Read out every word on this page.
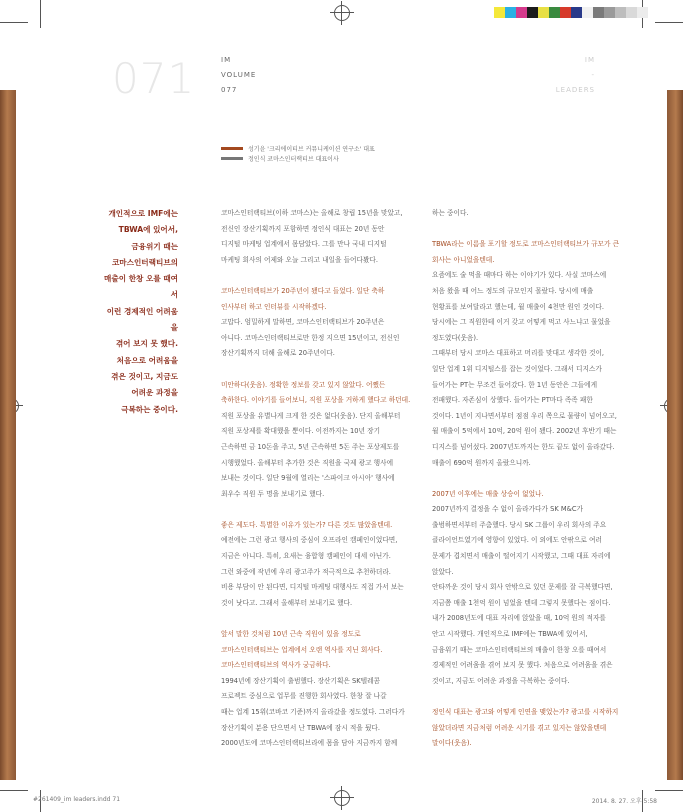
071	IM
VOLUME
077
IM
-
LEADERS
성기윤 '크리에이티브 커뮤니케이션 연구소' 대표
정인식 코마스인터랙티브 대표이사
개인적으로 IMF에는
TBWA에 있어서,
금융위기 때는
코마스인터랙티브의
매출이 한창 오를 때여서
이런 경제적인 어려움을
겪어 보지 못 했다.
처음으로 어려움을
겪은 것이고, 지금도
어려운 과정을
극복하는 중이다.

코마스인터랙티브(이하 코마스)는 올해로 창립 15년을 맞았고,

전신인 장산기획까지 포함하면 정인식 대표는 20년 동안

디지털 마케팅 업계에서 몸담았다. 그를 만나 국내 디지털

마케팅 회사의 어제와 오늘 그리고 내일을 들어다봤다.

코마스인터랙티브가 20주년이 됐다고 들었다. 일단 축하

인사부터 하고 인터뷰를 시작하겠다.

고맙다. 엄밀하게 말하면, 코마스인터랙티브가 20주년은

아니다. 코마스인터랙티브로만 한정 지으면 15년이고, 전신인

장산기획까지 더해 올해로 20주년이다.

미안하다(웃음). 정확한 정보를 갖고 있지 않았다. 어쨌든

축하한다. 이야기를 들어보니, 직원 포상을 거하게 했다고 하던데.

직원 포상을 유별나게 크게 한 것은 없다(웃음). 단지 올해부터

직원 포상제를 확대했을 뿐이다. 이전까지는 10년 장기

근속하면 금 10돈을 주고, 5년 근속하면 5돈 주는 포상제도를

시행했었다. 올해부터 추가한 것은 직원을 국제 광고 행사에

보내는 것이다. 일단 9월에 열리는 '스파이크 아시아' 행사에

최우수 직원 두 명을 보내기로 했다.

좋은 제도다. 특별한 이유가 있는가? 다른 것도 많았을텐데.

예전에는 그런 광고 행사의 중심이 오프라인 캠페인이었다면,

지금은 아니다. 특히, 요새는 융합형 캠페인이 대세 아닌가.

그런 와중에 작년에 우리 광고주가 적극적으로 추천하더라.

비용 부담이 안 된다면, 디지털 마케팅 대행사도 직접 가서 보는

것이 낫다고. 그래서 올해부터 보내기로 했다.

앞서 말한 것처럼 10년 근속 직원이 있을 정도로

코마스인터랙티브는 업계에서 오랜 역사를 지닌 회사다.

코마스인터랙티브의 역사가 궁금하다.

1994년에 장산기획이 출범했다. 장산기획은 SK텔레콤

프로젝트 중심으로 업무를 진행한 회사였다. 한창 잘 나갈

때는 업계 15위(코바코 기준)까지 올라갔을 정도였다. 그러다가

장산기획이 분용 단으면서 난 TBWA에 잠시 적을 뒀다.

2000년도에 코마스인터랙티브라에 몸을 담아 지금까지 함께

하는 중이다.

TBWA라는 이름을 포기할 정도로 코마스인터랙티브가 규모가 큰

회사는 아니었을텐데.

요즘에도 술 먹을 때마다 하는 이야기가 있다. 사실 코마스에

처음 왔을 때 어느 정도의 규모인지 몰랐다. 당시에 매출

현황표를 보여달라고 했는데, 월 매출이 4천만 원인 것이다.

당시에는 그 직원한테 이거 갖고 어떻게 먹고 사느냐고 물었을

정도였다(웃음).

그때부터 당시 코마스 대표하고 머리를 맞대고 생각한 것이,

일단 업계 1위 디지털스를 잡는 것이었다. 그래서 디지스가

들어가는 PT는 무조건 들어갔다. 한 1년 동안은 그들에게

전패했다. 자존심이 상했다. 들어가는 PT마다 족족 패한

것이다. 1년이 지나면서부터 점점 우리 쪽으로 물량이 넘어오고,

월 매출이 5억에서 10억, 20억 원이 됐다. 2002년 후반기 때는

디지스를 넘어섰다. 2007년도까지는 한도 끝도 없이 올라갔다.

매출이 690억 원까지 올랐으니까.

2007년 이후에는 매출 상승이 없었나.

2007년까지 결정을 수 없이 올라가다가 SK M&C가

출범하면서부터 주춤했다. 당시 SK 그룹이 우리 회사의 주요

클라이언트였기에 영향이 있었다. 이 외에도 안팎으로 여러

문제가 겹치면서 매출이 떨어지기 시작했고, 그때 대표 자리에

앉았다.

안타까운 것이 당시 회사 안밖으로 있던 문제를 잘 극복했다면,

지금쯤 매출 1천억 원이 넘었을 텐데 그렇지 못했다는 점이다.

내가 2008년도에 대표 자리에 앉았을 때, 10억 원의 적자를

안고 시작했다. 개인적으로 IMF에는 TBWA에 있어서,

금융위기 때는 코마스인터랙티브의 매출이 한창 오를 때여서

경제적인 어려움을 겪어 보지 못 했다. 처음으로 어려움을 겪은

것이고, 지금도 어려운 과정을 극복하는 중이다.

정인식 대표는 광고와 어떻게 인연을 맺었는가? 광고를 시작하지

않았더라면 지금처럼 어려운 시기를 겪고 있지는 않았을텐데

말이다(웃음).

#261409_im leaders.indd 71	2014. 8. 27. 오후 5:58
